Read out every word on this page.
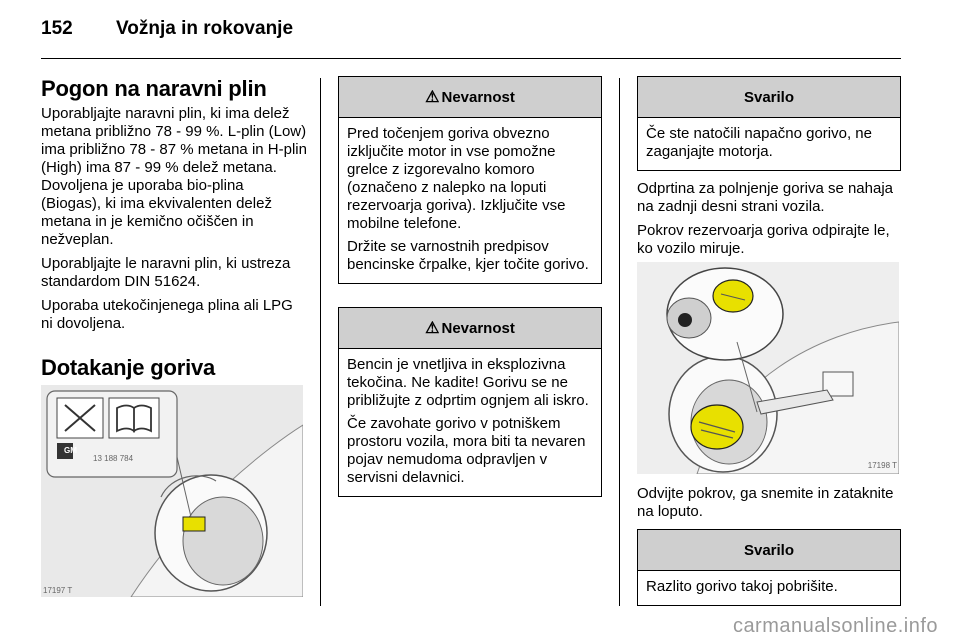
152 Vožnja in rokovanje
Pogon na naravni plin

Uporabljajte naravni plin, ki ima delež metana približno 78 - 99 %. L-plin (Low) ima približno 78 - 87 % metana in H-plin (High) ima 87 - 99 % delež metana. Dovoljena je uporaba bio-plina (Biogas), ki ima ekvivalenten delež metana in je kemično očiščen in nežveplan.

Uporabljajte le naravni plin, ki ustreza standardom DIN 51624.

Uporaba utekočinjenega plina ali LPG ni dovoljena.

Dotakanje goriva
GM
13 188 784
17197 T
⚠ Nevarnost

Pred točenjem goriva obvezno izključite motor in vse pomožne grelce z izgorevalno komoro (označeno z nalepko na loputi rezervoarja goriva). Izključite vse mobilne telefone.

Držite se varnostnih predpisov bencinske črpalke, kjer točite gorivo.

⚠ Nevarnost

Bencin je vnetljiva in eksplozivna tekočina. Ne kadite! Gorivu se ne približujte z odprtim ognjem ali iskro.

Če zavohate gorivo v potniškem prostoru vozila, mora biti ta nevaren pojav nemudoma odpravljen v servisni delavnici.

Svarilo

Če ste natočili napačno gorivo, ne zaganjajte motorja.

Odprtina za polnjenje goriva se nahaja na zadnji desni strani vozila.

Pokrov rezervoarja goriva odpirajte le, ko vozilo miruje.

17198 T

Odvijte pokrov, ga snemite in zataknite na loputo.

Svarilo

Razlito gorivo takoj pobrišite.

carmanualsonline.info
